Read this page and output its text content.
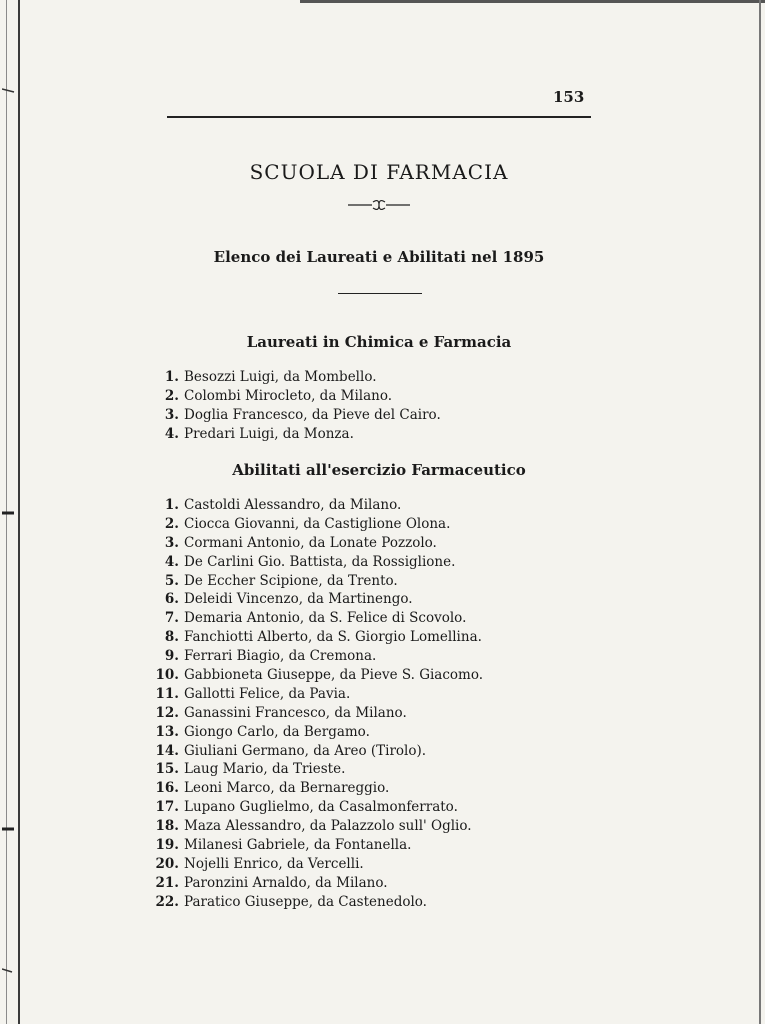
153
SCUOLA DI FARMACIA
Elenco dei Laureati e Abilitati nel 1895
Laureati in Chimica e Farmacia
1. Besozzi Luigi, da Mombello.
2. Colombi Mirocleto, da Milano.
3. Doglia Francesco, da Pieve del Cairo.
4. Predari Luigi, da Monza.
Abilitati all'esercizio Farmaceutico
1. Castoldi Alessandro, da Milano.
2. Ciocca Giovanni, da Castiglione Olona.
3. Cormani Antonio, da Lonate Pozzolo.
4. De Carlini Gio. Battista, da Rossiglione.
5. De Eccher Scipione, da Trento.
6. Deleidi Vincenzo, da Martinengo.
7. Demaria Antonio, da S. Felice di Scovolo.
8. Fanchiotti Alberto, da S. Giorgio Lomellina.
9. Ferrari Biagio, da Cremona.
10. Gabbioneta Giuseppe, da Pieve S. Giacomo.
11. Gallotti Felice, da Pavia.
12. Ganassini Francesco, da Milano.
13. Giongo Carlo, da Bergamo.
14. Giuliani Germano, da Areo (Tirolo).
15. Laug Mario, da Trieste.
16. Leoni Marco, da Bernareggio.
17. Lupano Guglielmo, da Casalmonferrato.
18. Maza Alessandro, da Palazzolo sull' Oglio.
19. Milanesi Gabriele, da Fontanella.
20. Nojelli Enrico, da Vercelli.
21. Paronzini Arnaldo, da Milano.
22. Paratico Giuseppe, da Castenedolo.
